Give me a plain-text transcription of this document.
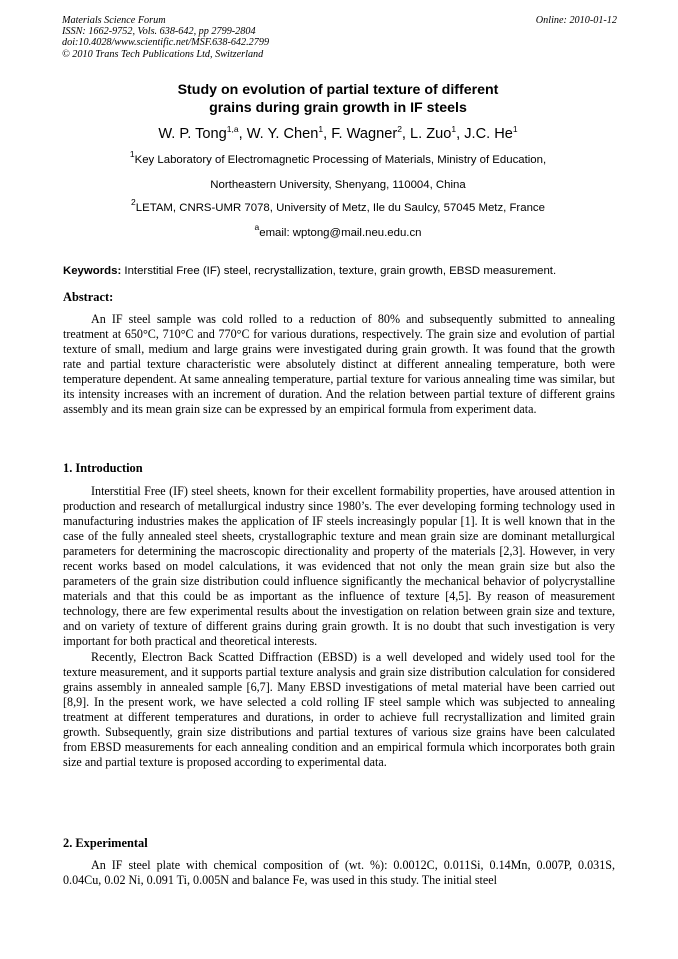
Materials Science Forum
ISSN: 1662-9752, Vols. 638-642, pp 2799-2804
doi:10.4028/www.scientific.net/MSF.638-642.2799
© 2010 Trans Tech Publications Ltd, Switzerland
Online: 2010-01-12
Study on evolution of partial texture of different
grains during grain growth in IF steels
W. P. Tong$^{1,a}$, W. Y. Chen$^1$, F. Wagner$^2$, L. Zuo$^1$, J.C. He$^1$
$^1$Key Laboratory of Electromagnetic Processing of Materials, Ministry of Education,
Northeastern University, Shenyang, 110004, China
$^2$LETAM, CNRS-UMR 7078, University of Metz, Ile du Saulcy, 57045 Metz, France
$^a$email: wptong@mail.neu.edu.cn
Keywords: Interstitial Free (IF) steel, recrystallization, texture, grain growth, EBSD measurement.
Abstract:

An IF steel sample was cold rolled to a reduction of 80% and subsequently submitted to annealing treatment at 650°C, 710°C and 770°C for various durations, respectively. The grain size and evolution of partial texture of small, medium and large grains were investigated during grain growth. It was found that the growth rate and partial texture characteristic were absolutely distinct at different annealing temperature, both were temperature dependent. At same annealing temperature, partial texture for various annealing time was similar, but its intensity increases with an increment of duration. And the relation between partial texture of different grains assembly and its mean grain size can be expressed by an empirical formula from experiment data.

1. Introduction

Interstitial Free (IF) steel sheets, known for their excellent formability properties, have aroused attention in production and research of metallurgical industry since 1980’s. The ever developing forming technology used in manufacturing industries makes the application of IF steels increasingly popular [1]. It is well known that in the case of the fully annealed steel sheets, crystallographic texture and mean grain size are dominant metallurgical parameters for determining the macroscopic directionality and property of the materials [2,3]. However, in very recent works based on model calculations, it was evidenced that not only the mean grain size but also the parameters of the grain size distribution could influence significantly the mechanical behavior of polycrystalline materials and that this could be as important as the influence of texture [4,5]. By reason of measurement technology, there are few experimental results about the investigation on relation between grain size and texture, and on variety of texture of different grains during grain growth. It is no doubt that such investigation is very important for both practical and theoretical interests.

Recently, Electron Back Scatted Diffraction (EBSD) is a well developed and widely used tool for the texture measurement, and it supports partial texture analysis and grain size distribution calculation for considered grains assembly in annealed sample [6,7]. Many EBSD investigations of metal material have been carried out [8,9]. In the present work, we have selected a cold rolling IF steel sample which was subjected to annealing treatment at different temperatures and durations, in order to achieve full recrystallization and limited grain growth. Subsequently, grain size distributions and partial textures of various size grains have been calculated from EBSD measurements for each annealing condition and an empirical formula which incorporates both grain size and partial texture is proposed according to experimental data.

2. Experimental

An IF steel plate with chemical composition of (wt. %): 0.0012C, 0.011Si, 0.14Mn, 0.007P, 0.031S, 0.04Cu, 0.02 Ni, 0.091 Ti, 0.005N and balance Fe, was used in this study. The initial steel
